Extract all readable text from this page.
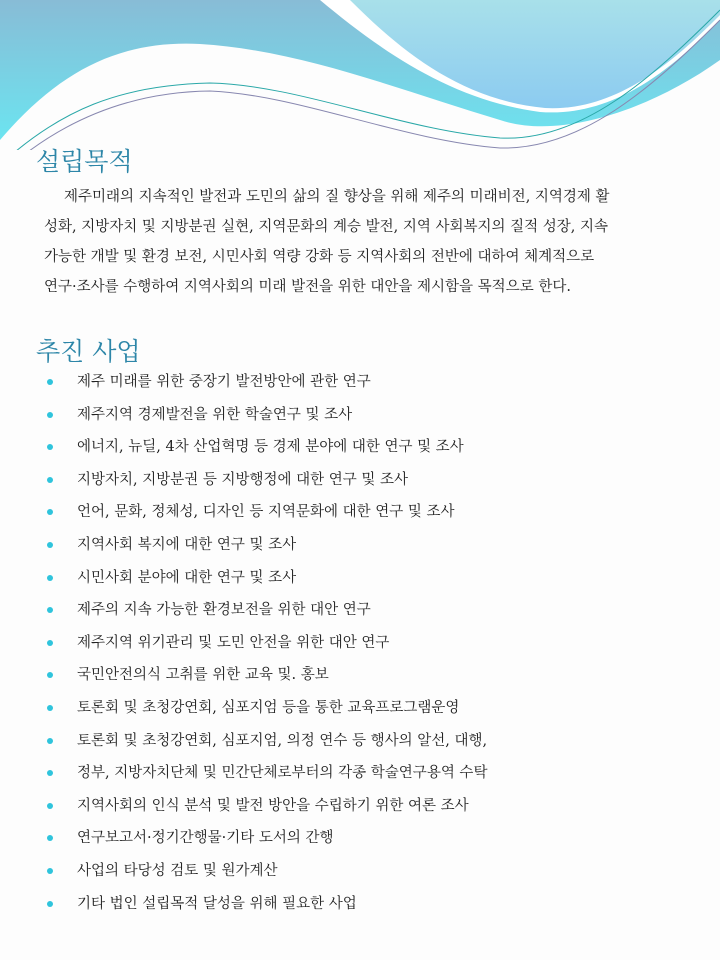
설립목적
제주미래의 지속적인 발전과 도민의 삶의 질 향상을 위해 제주의 미래비전, 지역경제 활
성화, 지방자치 및 지방분권 실현, 지역문화의 계승 발전, 지역 사회복지의 질적 성장, 지속
가능한 개발 및 환경 보전, 시민사회 역량 강화 등 지역사회의 전반에 대하여 체계적으로
연구·조사를 수행하여 지역사회의 미래 발전을 위한 대안을 제시함을 목적으로 한다.
추진 사업
제주 미래를 위한 중장기 발전방안에 관한 연구
제주지역 경제발전을 위한 학술연구 및 조사
에너지, 뉴딜, 4차 산업혁명 등 경제 분야에 대한 연구 및 조사
지방자치, 지방분권 등 지방행정에 대한 연구 및 조사
언어, 문화, 정체성, 디자인 등 지역문화에 대한 연구 및 조사
지역사회 복지에 대한 연구 및 조사
시민사회 분야에 대한 연구 및 조사
제주의 지속 가능한 환경보전을 위한 대안 연구
제주지역 위기관리 및 도민 안전을 위한 대안 연구
국민안전의식 고취를 위한 교육 및. 홍보
토론회 및 초청강연회, 심포지엄 등을 통한 교육프로그램운영
토론회 및 초청강연회, 심포지엄, 의정 연수 등 행사의 알선, 대행,
정부, 지방자치단체 및 민간단체로부터의 각종 학술연구용역 수탁
지역사회의 인식 분석 및 발전 방안을 수립하기 위한 여론 조사
연구보고서·정기간행물·기타 도서의 간행
사업의 타당성 검토 및 원가계산
기타 법인 설립목적 달성을 위해 필요한 사업
